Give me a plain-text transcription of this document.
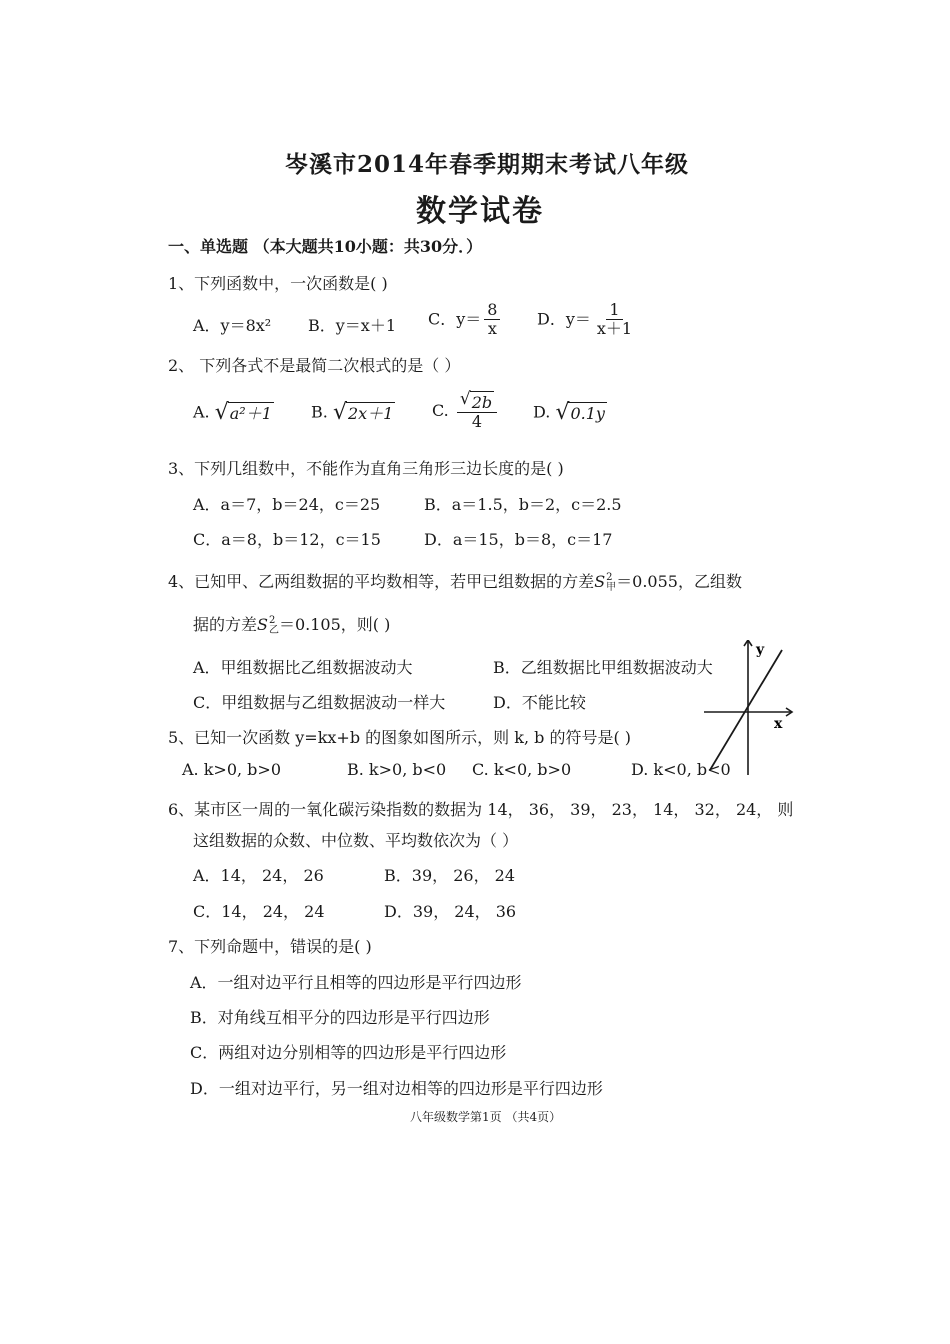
岑溪市2014年春季期期末考试八年级
数学试卷
一、单选题 （本大题共10小题：共30分．）
1、下列函数中，一次函数是( )
A．y＝8x² B．y＝x＋1 C．$y= \frac{8}{x}$ D．$y= \frac{1}{x+1}$
2、 下列各式不是最简二次根式的是（ ）
A. √ a²＋1 B. √ 2x＋1 C. $\frac{√ 2b}{4} D$. √ 0.1y
3、下列几组数中，不能作为直角三角形三边长度的是( )
A．a＝7，b＝24，c＝25	B．a＝1.5，b＝2，c＝2.5
C．a＝8，b＝12，c＝15	D．a＝15，b＝8，c＝17
4、已知甲、乙两组数据的平均数相等，若甲已组数据的方差S 2
甲 ＝0.055，乙组数
据的方差S 2
乙 ＝0.105，则( )
A．甲组数据比乙组数据波动大	B．乙组数据比甲组数据波动大
C．甲组数据与乙组数据波动一样大	D．不能比较
5、已知一次函数 y=kx+b 的图象如图所示，则 k, b 的符号是( )
A. k>0, b>0	B. k>0, b<0 C. k<0, b>0	D. k<0, b<0
y
x
6、某市区一周的一氧化碳污染指数的数据为 14， 36， 39， 23， 14， 32， 24， 则
这组数据的众数、中位数、平均数依次为（ ）
A．14， 24， 26	B．39， 26， 24
C．14， 24， 24	D．39， 24， 36
7、下列命题中，错误的是( )
A．一组对边平行且相等的四边形是平行四边形
B．对角线互相平分的四边形是平行四边形
C．两组对边分别相等的四边形是平行四边形
D．一组对边平行，另一组对边相等的四边形是平行四边形
八年级数学第1页 （共4页）
